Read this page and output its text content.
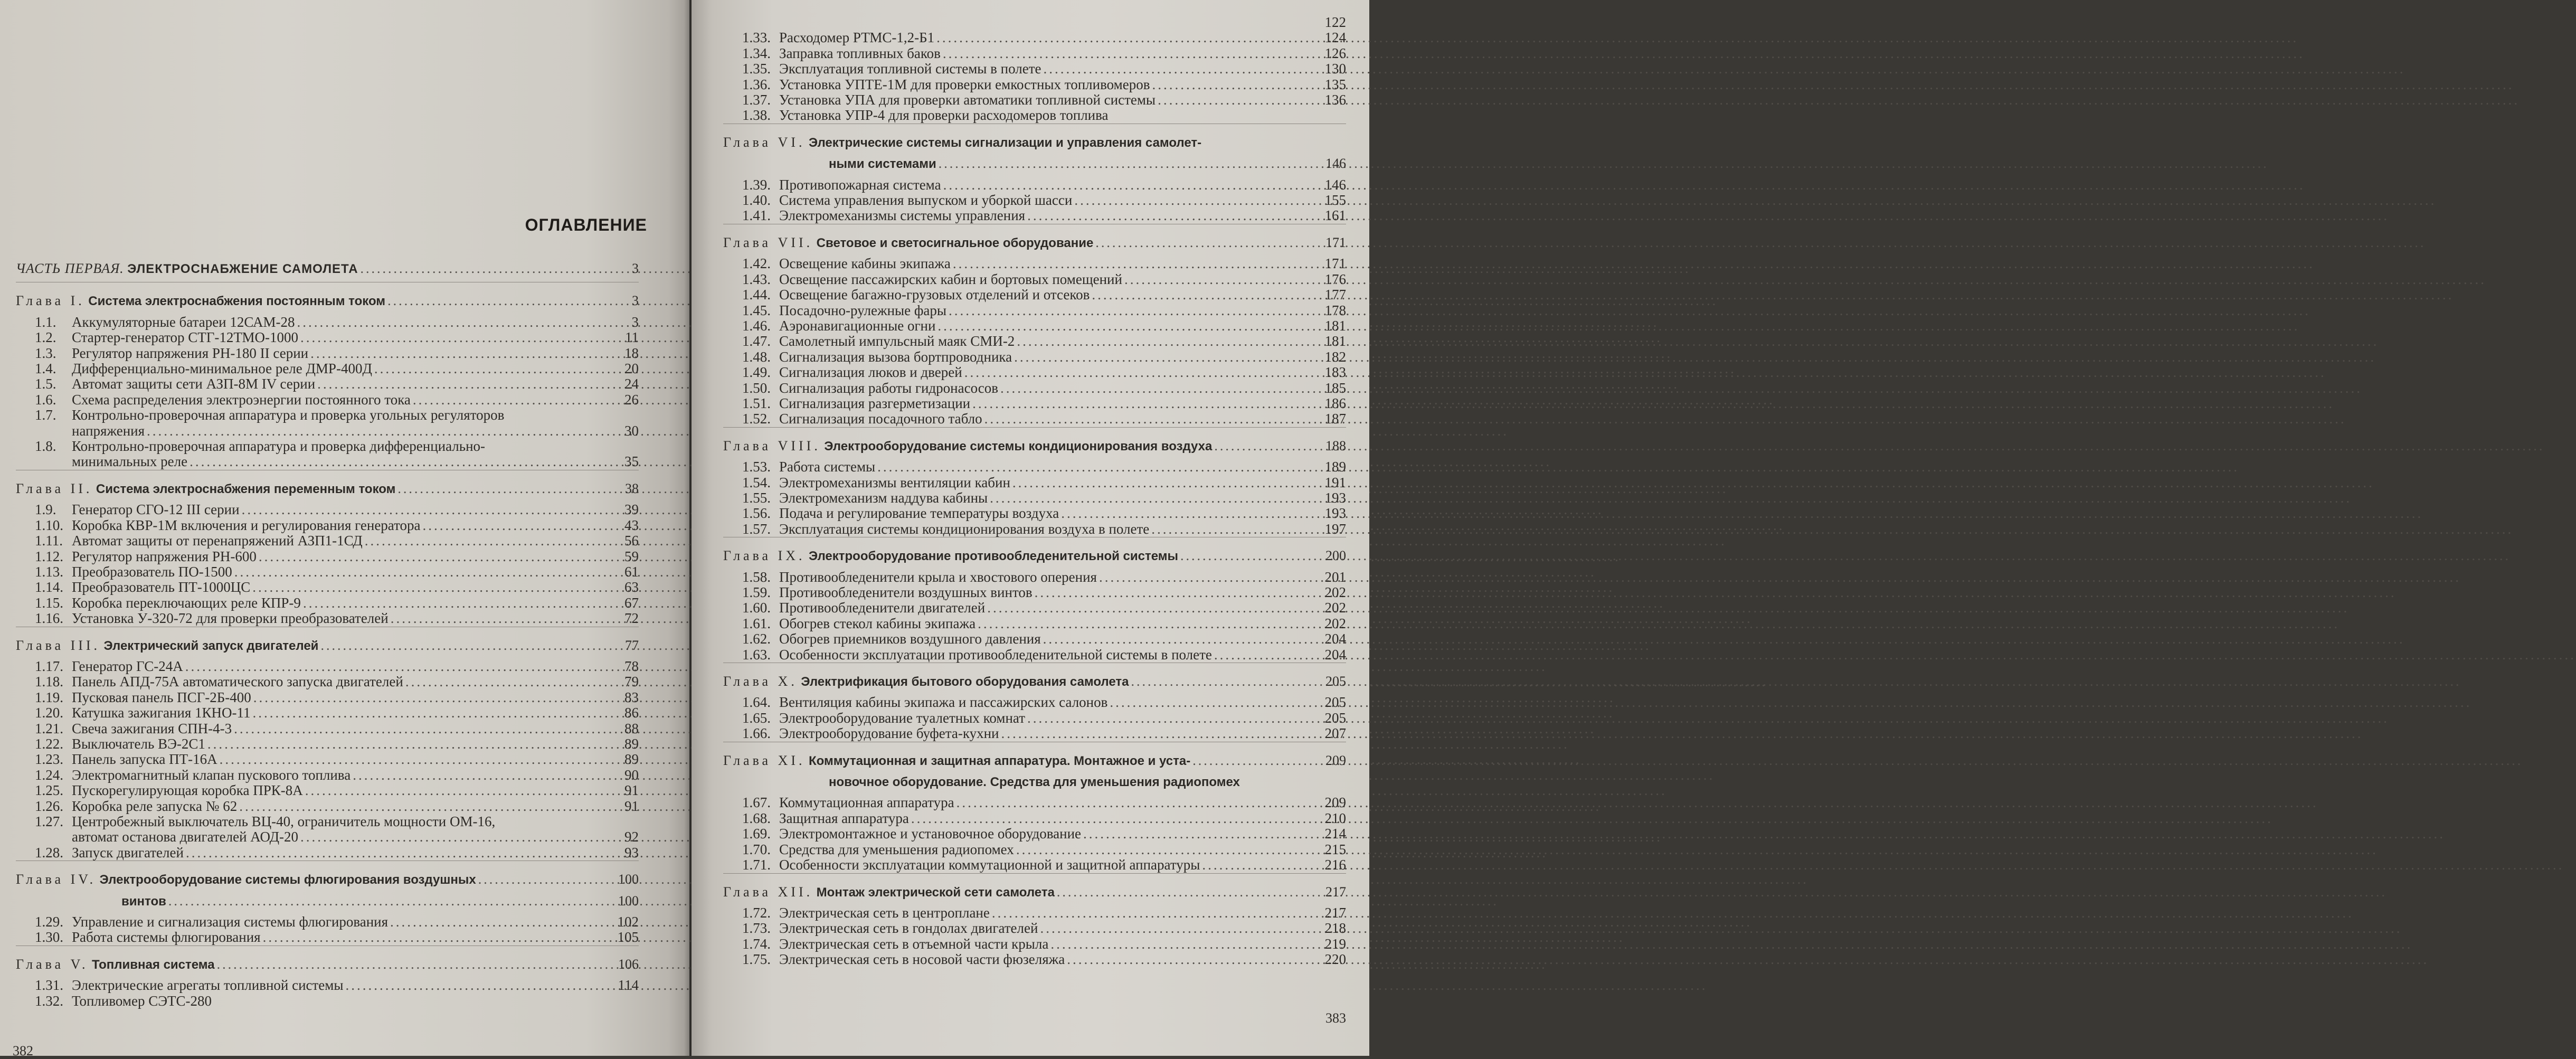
ОГЛАВЛЕНИЕ
ЧАСТЬ ПЕРВАЯ. ЭЛЕКТРОСНАБЖЕНИЕ САМОЛЕТА .....	3
Глава I. Система электроснабжения постоянным током .....	3
1.1. Аккумуляторные батареи 12САМ-28 .....	3
1.2. Стартер-генератор СТГ-12ТМО-1000 .....	11
1.3. Регулятор напряжения РН-180 II серии .....	18
1.4. Дифференциально-минимальное реле ДМР-400Д .....	20
1.5. Автомат защиты сети АЗП-8М IV серии .....	24
1.6. Схема распределения электроэнергии постоянного тока .....	26
1.7. Контрольно-проверочная аппаратура и проверка угольных регуляторов
напряжения .....	30
1.8. Контрольно-проверочная аппаратура и проверка дифференциально-
минимальных реле .....	35
Глава II. Система электроснабжения переменным током .....	38
1.9. Генератор СГО-12 III серии .....	39
1.10. Коробка КВР-1М включения и регулирования генератора .....	43
1.11. Автомат защиты от перенапряжений АЗП1-1СД .....	56
1.12. Регулятор напряжения РН-600 .....	59
1.13. Преобразователь ПО-1500 .....	61
1.14. Преобразователь ПТ-1000ЦС .....	63
1.15. Коробка переключающих реле КПР-9 .....	67
1.16. Установка У-320-72 для проверки преобразователей .....	72
Глава III. Электрический запуск двигателей .....	77
1.17. Генератор ГС-24А .....	78
1.18. Панель АПД-75А автоматического запуска двигателей .....	79
1.19. Пусковая панель ПСГ-2Б-400 .....	83
1.20. Катушка зажигания 1КНО-11 .....	86
1.21. Свеча зажигания СПН-4-3 .....	88
1.22. Выключатель ВЭ-2С1 .....	89
1.23. Панель запуска ПТ-16А .....	89
1.24. Электромагнитный клапан пускового топлива .....	90
1.25. Пускорегулирующая коробка ПРК-8А .....	91
1.26. Коробка реле запуска № 62 .....	91
1.27. Центробежный выключатель ВЦ-40, ограничитель мощности ОМ-16,
автомат останова двигателей АОД-20 .....	92
1.28. Запуск двигателей .....	93
Глава IV. Электрооборудование системы флюгирования воздушных .....	100
винтов .....	100
1.29. Управление и сигнализация системы флюгирования .....	102
1.30. Работа системы флюгирования .....	105
Глава V. Топливная система .....	106
1.31. Электрические агрегаты топливной системы .....	114
1.32. Топливомер СЭТС-280
382
122
1.33. Расходомер РТМС-1,2-Б1 .....	124
1.34. Заправка топливных баков .....	126
1.35. Эксплуатация топливной системы в полете .....	130
1.36. Установка УПТЕ-1М для проверки емкостных топливомеров .....	135
1.37. Установка УПА для проверки автоматики топливной системы .....	136
1.38. Установка УПР-4 для проверки расходомеров топлива
Глава VI. Электрические системы сигнализации и управления самолет-
ными системами .....	146
1.39. Противопожарная система .....	146
1.40. Система управления выпуском и уборкой шасси .....	155
1.41. Электромеханизмы системы управления .....	161
Глава VII. Световое и светосигнальное оборудование .....	171
1.42. Освещение кабины экипажа .....	171
1.43. Освещение пассажирских кабин и бортовых помещений .....	176
1.44. Освещение багажно-грузовых отделений и отсеков .....	177
1.45. Посадочно-рулежные фары .....	178
1.46. Аэронавигационные огни .....	181
1.47. Самолетный импульсный маяк СМИ-2 .....	181
1.48. Сигнализация вызова бортпроводника .....	182
1.49. Сигнализация люков и дверей .....	183
1.50. Сигнализация работы гидронасосов .....	185
1.51. Сигнализация разгерметизации .....	186
1.52. Сигнализация посадочного табло .....	187
Глава VIII. Электрооборудование системы кондиционирования воздуха .....	188
1.53. Работа системы .....	189
1.54. Электромеханизмы вентиляции кабин .....	191
1.55. Электромеханизм наддува кабины .....	193
1.56. Подача и регулирование температуры воздуха .....	193
1.57. Эксплуатация системы кондиционирования воздуха в полете .....	197
Глава IX. Электрооборудование противообледенительной системы .....	200
1.58. Противообледенители крыла и хвостового оперения .....	201
1.59. Противообледенители воздушных винтов .....	202
1.60. Противообледенители двигателей .....	202
1.61. Обогрев стекол кабины экипажа .....	202
1.62. Обогрев приемников воздушного давления .....	204
1.63. Особенности эксплуатации противообледенительной системы в полете .....	204
Глава X. Электрификация бытового оборудования самолета .....	205
1.64. Вентиляция кабины экипажа и пассажирских салонов .....	205
1.65. Электрооборудование туалетных комнат .....	205
1.66. Электрооборудование буфета-кухни .....	207
Глава XI. Коммутационная и защитная аппаратура. Монтажное и уста- .....	209
новочное оборудование. Средства для уменьшения радиопомех
1.67. Коммутационная аппаратура .....	209
1.68. Защитная аппаратура .....	210
1.69. Электромонтажное и установочное оборудование .....	214
1.70. Средства для уменьшения радиопомех .....	215
1.71. Особенности эксплуатации коммутационной и защитной аппаратуры .....	216
Глава XII. Монтаж электрической сети самолета .....	217
1.72. Электрическая сеть в центроплане .....	217
1.73. Электрическая сеть в гондолах двигателей .....	218
1.74. Электрическая сеть в отъемной части крыла .....	219
1.75. Электрическая сеть в носовой части фюзеляжа .....	220
383
